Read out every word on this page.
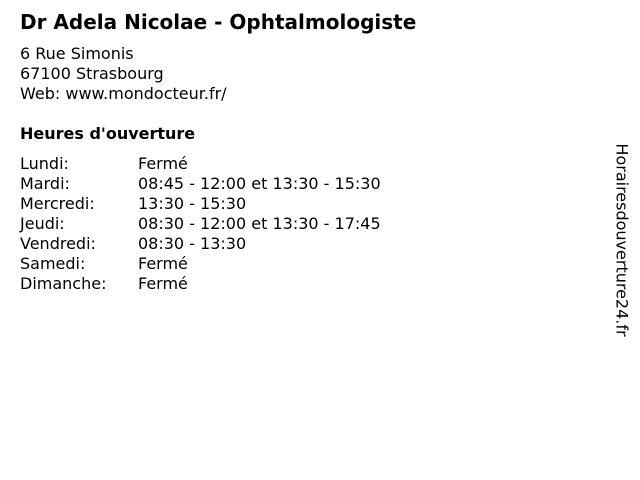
Dr Adela Nicolae - Ophtalmologiste
6 Rue Simonis
67100 Strasbourg
Web: www.mondocteur.fr/
Heures d'ouverture
Lundi:	Fermé
Mardi:	08:45 - 12:00 et 13:30 - 15:30
Mercredi:	13:30 - 15:30
Jeudi:	08:30 - 12:00 et 13:30 - 17:45
Vendredi:	08:30 - 13:30
Samedi:	Fermé
Dimanche:	Fermé	Horairesdouverture24.fr
